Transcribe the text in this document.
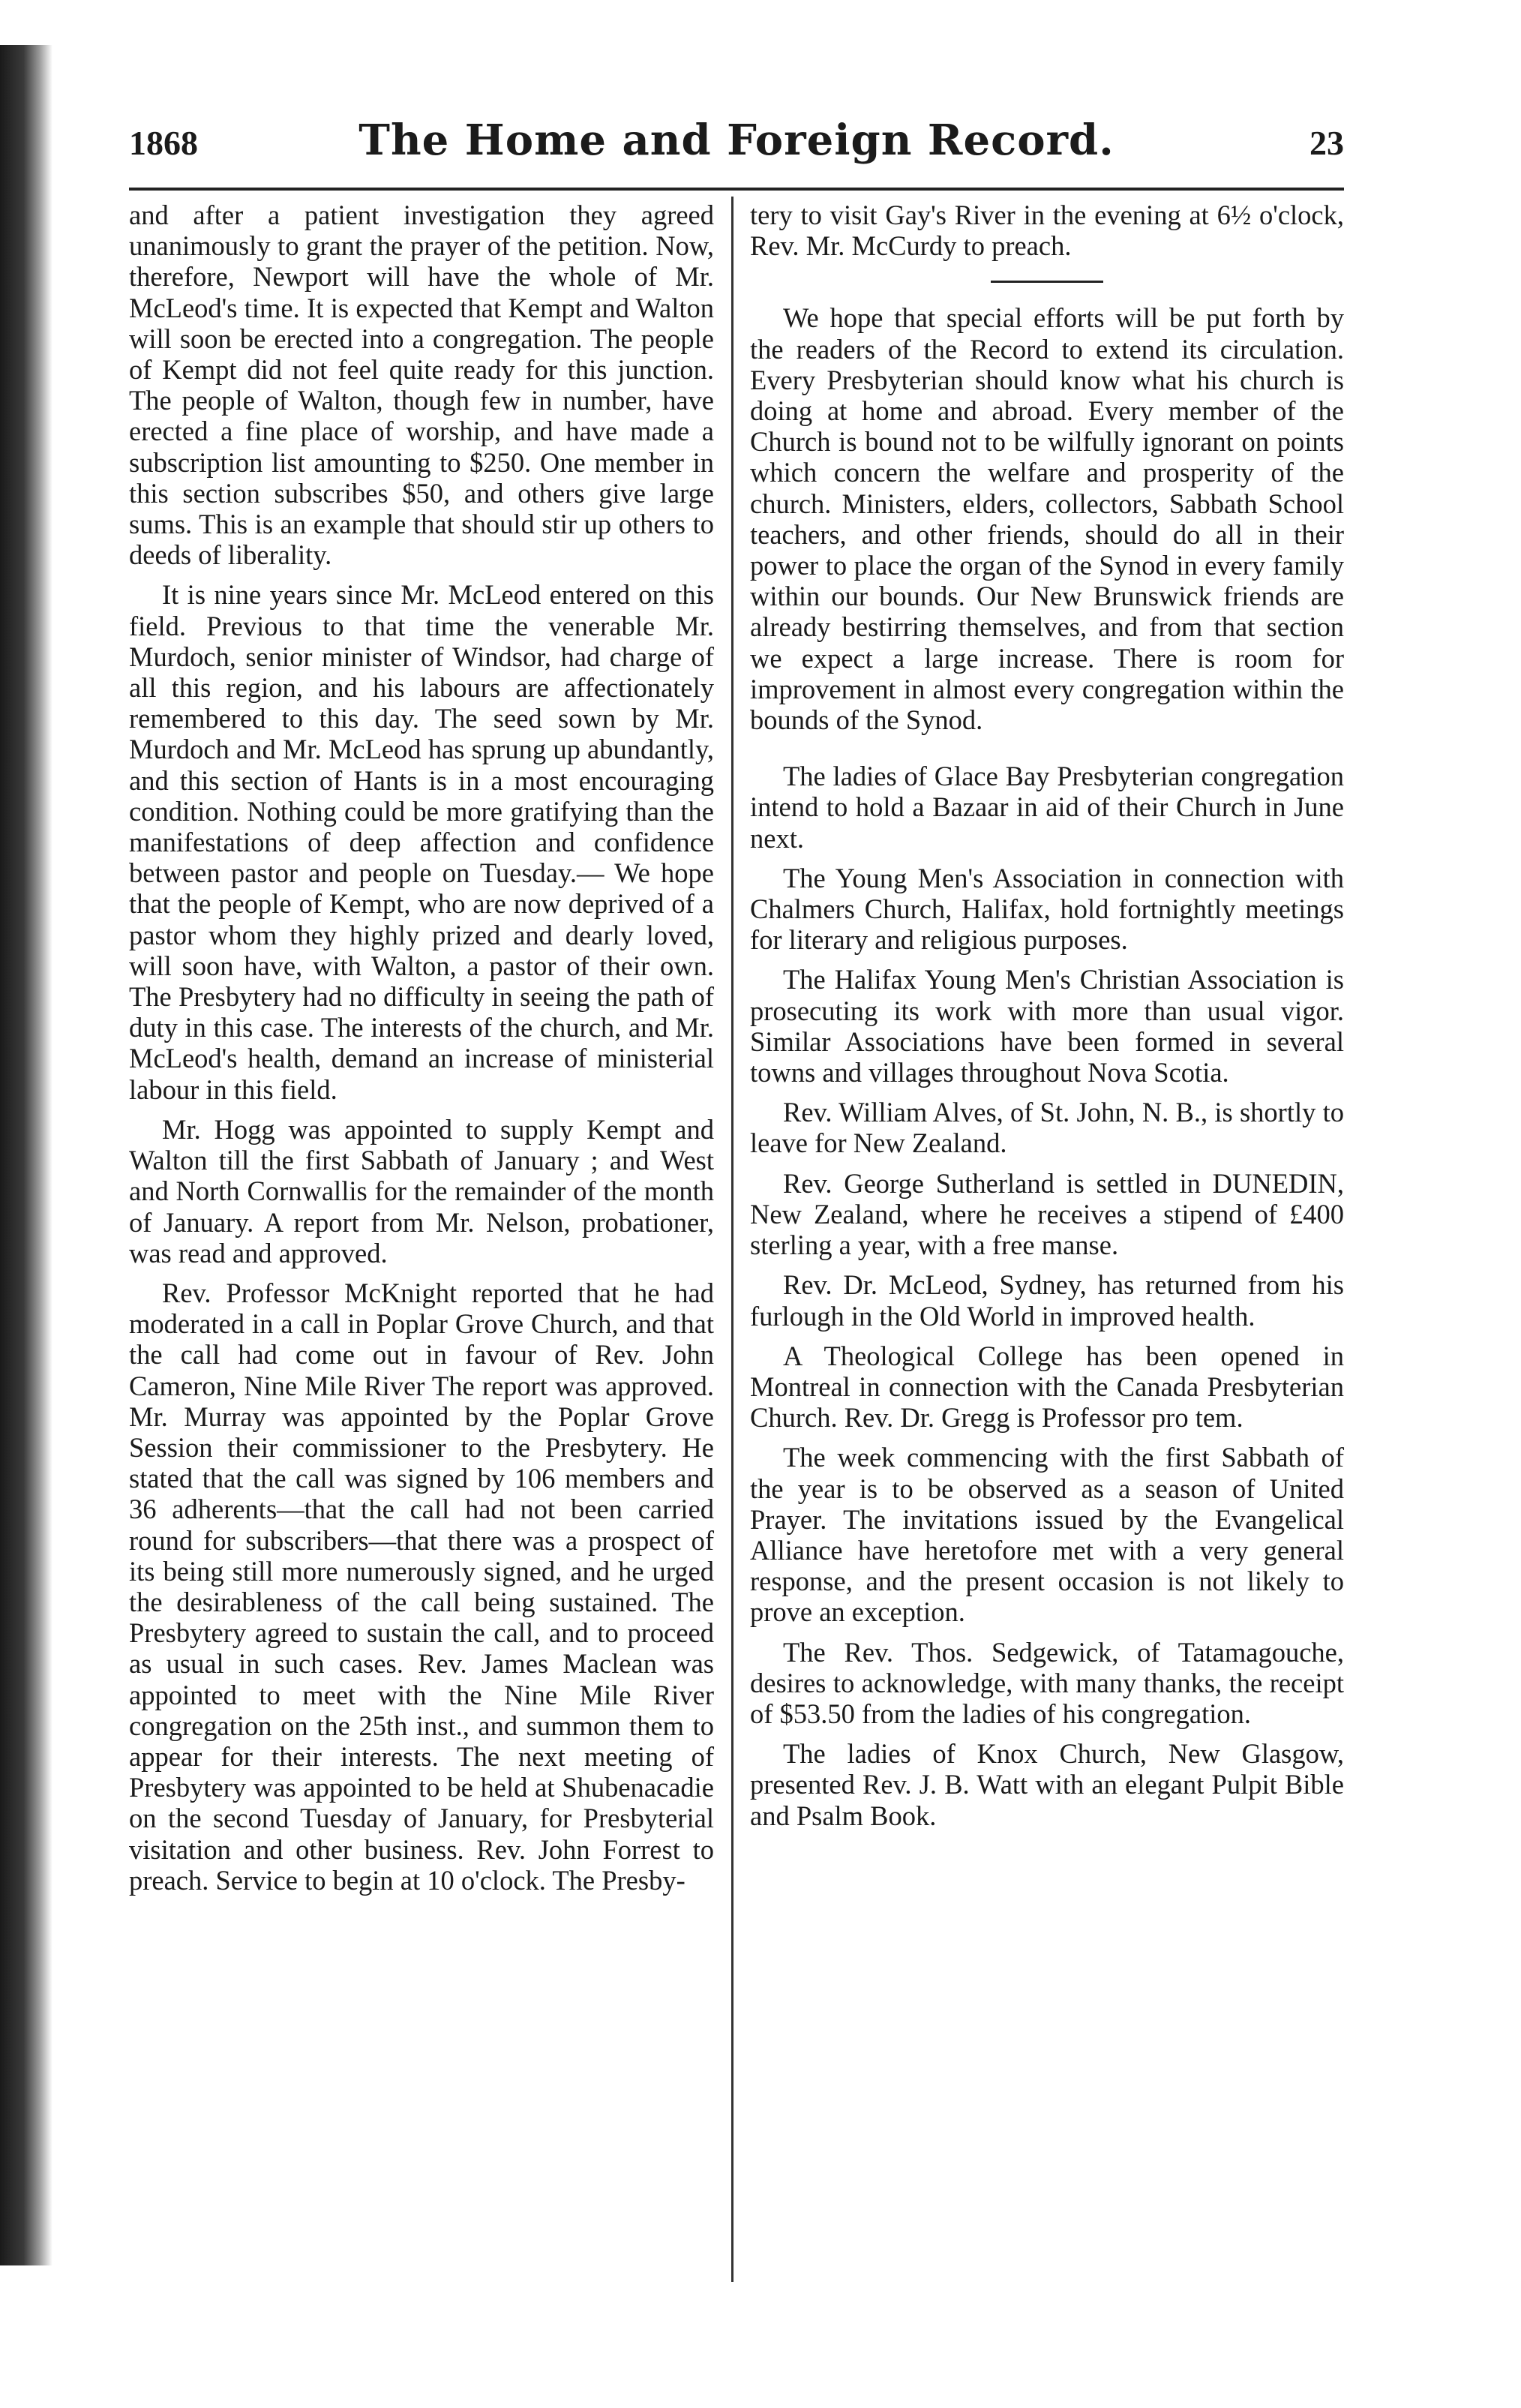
1868	The Home and Foreign Record.	23

and after a patient investigation they agreed unanimously to grant the prayer of the petition. Now, therefore, Newport will have the whole of Mr. McLeod's time. It is expected that Kempt and Walton will soon be erected into a congregation. The people of Kempt did not feel quite ready for this junction. The people of Walton, though few in number, have erected a fine place of worship, and have made a subscription list amounting to $250. One member in this section subscribes $50, and others give large sums. This is an example that should stir up others to deeds of liberality.

It is nine years since Mr. McLeod entered on this field. Previous to that time the venerable Mr. Murdoch, senior minister of Windsor, had charge of all this region, and his labours are affectionately remembered to this day. The seed sown by Mr. Murdoch and Mr. McLeod has sprung up abundantly, and this section of Hants is in a most encouraging condition. Nothing could be more gratifying than the manifestations of deep affection and confidence between pastor and people on Tuesday.— We hope that the people of Kempt, who are now deprived of a pastor whom they highly prized and dearly loved, will soon have, with Walton, a pastor of their own. The Presbytery had no difficulty in seeing the path of duty in this case. The interests of the church, and Mr. McLeod's health, demand an increase of ministerial labour in this field.

Mr. Hogg was appointed to supply Kempt and Walton till the first Sabbath of January ; and West and North Cornwallis for the remainder of the month of January. A report from Mr. Nelson, probationer, was read and approved.

Rev. Professor McKnight reported that he had moderated in a call in Poplar Grove Church, and that the call had come out in favour of Rev. John Cameron, Nine Mile River The report was approved. Mr. Murray was appointed by the Poplar Grove Session their commissioner to the Presbytery. He stated that the call was signed by 106 members and 36 adherents—that the call had not been carried round for subscribers—that there was a prospect of its being still more numerously signed, and he urged the desirableness of the call being sustained. The Presbytery agreed to sustain the call, and to proceed as usual in such cases. Rev. James Maclean was appointed to meet with the Nine Mile River congregation on the 25th inst., and summon them to appear for their interests. The next meeting of Presbytery was appointed to be held at Shubenacadie on the second Tuesday of January, for Presbyterial visitation and other business. Rev. John Forrest to preach. Service to begin at 10 o'clock. The Presby-

tery to visit Gay's River in the evening at 6½ o'clock, Rev. Mr. McCurdy to preach.

We hope that special efforts will be put forth by the readers of the Record to extend its circulation. Every Presbyterian should know what his church is doing at home and abroad. Every member of the Church is bound not to be wilfully ignorant on points which concern the welfare and prosperity of the church. Ministers, elders, collectors, Sabbath School teachers, and other friends, should do all in their power to place the organ of the Synod in every family within our bounds. Our New Brunswick friends are already bestirring themselves, and from that section we expect a large increase. There is room for improvement in almost every congregation within the bounds of the Synod.

The ladies of Glace Bay Presbyterian congregation intend to hold a Bazaar in aid of their Church in June next.

The Young Men's Association in connection with Chalmers Church, Halifax, hold fortnightly meetings for literary and religious purposes.

The Halifax Young Men's Christian Association is prosecuting its work with more than usual vigor. Similar Associations have been formed in several towns and villages throughout Nova Scotia.

Rev. William Alves, of St. John, N. B., is shortly to leave for New Zealand.

Rev. George Sutherland is settled in DUNEDIN, New Zealand, where he receives a stipend of £400 sterling a year, with a free manse.

Rev. Dr. McLeod, Sydney, has returned from his furlough in the Old World in improved health.

A Theological College has been opened in Montreal in connection with the Canada Presbyterian Church. Rev. Dr. Gregg is Professor pro tem.

The week commencing with the first Sabbath of the year is to be observed as a season of United Prayer. The invitations issued by the Evangelical Alliance have heretofore met with a very general response, and the present occasion is not likely to prove an exception.

The Rev. Thos. Sedgewick, of Tatamagouche, desires to acknowledge, with many thanks, the receipt of $53.50 from the ladies of his congregation.

The ladies of Knox Church, New Glasgow, presented Rev. J. B. Watt with an elegant Pulpit Bible and Psalm Book.
